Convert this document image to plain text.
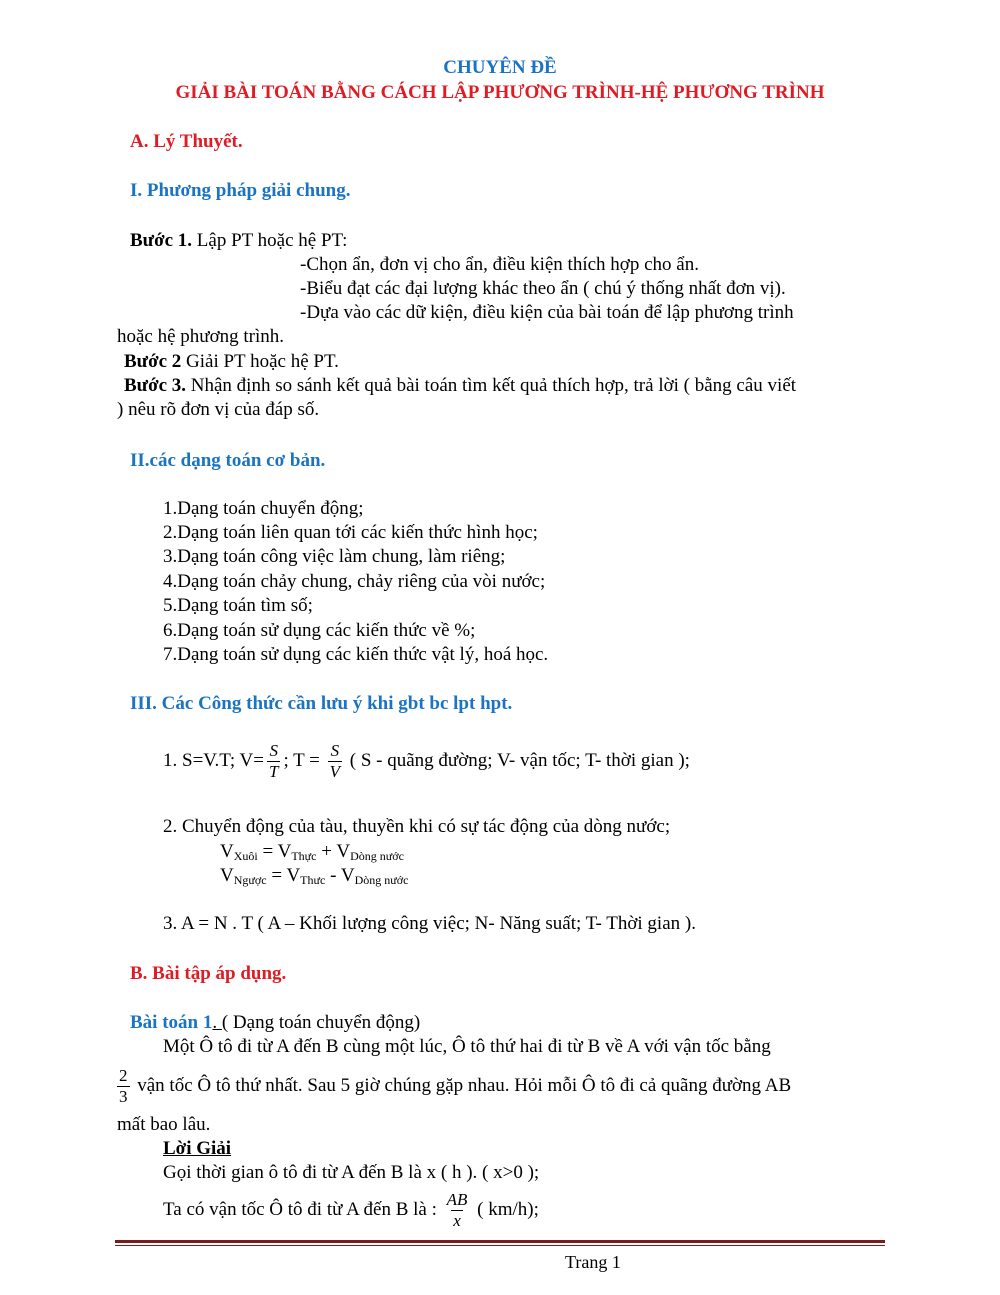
CHUYÊN ĐỀ
GIẢI BÀI TOÁN BẰNG CÁCH LẬP PHƯƠNG TRÌNH-HỆ PHƯƠNG TRÌNH
A. Lý Thuyết.
I. Phương pháp giải chung.
Bước 1. Lập PT hoặc hệ PT:
-Chọn ẩn, đơn vị cho ẩn, điều kiện thích hợp cho ẩn.
-Biểu đạt các đại lượng khác theo ẩn ( chú ý thống nhất đơn vị).
-Dựa vào các dữ kiện, điều kiện của bài toán để lập phương trình
hoặc hệ phương trình.
Bước 2 Giải PT hoặc hệ PT.
Bước 3. Nhận định so sánh kết quả bài toán tìm kết quả thích hợp, trả lời ( bằng câu viết
) nêu rõ đơn vị của đáp số.
II.các dạng toán cơ bản.
1.Dạng toán chuyển động;
2.Dạng toán liên quan tới các kiến thức hình học;
3.Dạng toán công việc làm chung, làm riêng;
4.Dạng toán chảy chung, chảy riêng của vòi nước;
5.Dạng toán tìm số;
6.Dạng toán sử dụng các kiến thức về %;
7.Dạng toán sử dụng các kiến thức vật lý, hoá học.
III. Các Công thức cần lưu ý khi gbt bc lpt hpt.
1. S=V.T; $V= \frac{S}{T}$ ; $T = \frac{S}{V}$ ( S - quãng đường; V- vận tốc; T- thời gian );
2. Chuyển động của tàu, thuyền khi có sự tác động của dòng nước;
$V_{Xuôi} = V_{Thực} + V_{Dòng nước}$
$V_{Ngược} = V_{Thưc} - V_{Dòng nước}$
3. A = N . T ( A – Khối lượng công việc; N- Năng suất; T- Thời gian ).
B. Bài tập áp dụng.
Bài toán 1. ( Dạng toán chuyển động)
Một Ô tô đi từ A đến B cùng một lúc, Ô tô thứ hai đi từ B về A với vận tốc bằng
$\frac{2}{3}$ vận tốc Ô tô thứ nhất. Sau 5 giờ chúng gặp nhau. Hỏi mỗi Ô tô đi cả quãng đường AB
mất bao lâu.
Lời Giải
Gọi thời gian ô tô đi từ A đến B là x ( h ). ( x>0 );
Ta có vận tốc Ô tô đi từ A đến B là : $\frac{AB}{x}$ ( km/h);
Trang 1
